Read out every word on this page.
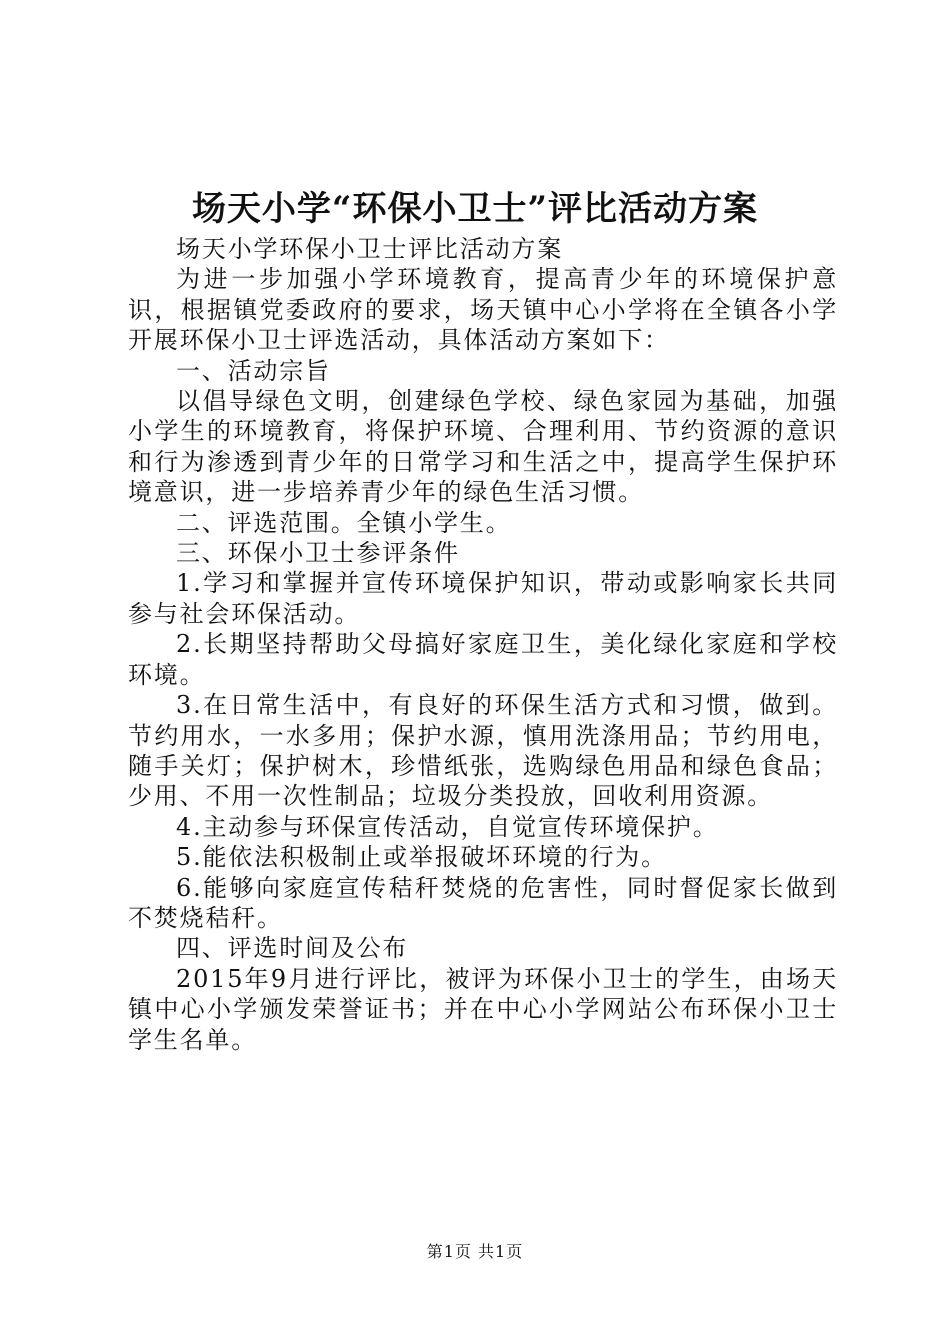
场天小学“环保小卫士”评比活动方案

场天小学环保小卫士评比活动方案

为进一步加强小学环境教育，提高青少年的环境保护意识，根据镇党委政府的要求，场天镇中心小学将在全镇各小学开展环保小卫士评选活动，具体活动方案如下：

一、活动宗旨

以倡导绿色文明，创建绿色学校、绿色家园为基础，加强小学生的环境教育，将保护环境、合理利用、节约资源的意识和行为渗透到青少年的日常学习和生活之中，提高学生保护环境意识，进一步培养青少年的绿色生活习惯。

二、评选范围。全镇小学生。

三、环保小卫士参评条件

1.学习和掌握并宣传环境保护知识，带动或影响家长共同参与社会环保活动。

2.长期坚持帮助父母搞好家庭卫生，美化绿化家庭和学校环境。

3.在日常生活中，有良好的环保生活方式和习惯，做到。节约用水，一水多用；保护水源，慎用洗涤用品；节约用电，随手关灯；保护树木，珍惜纸张，选购绿色用品和绿色食品；少用、不用一次性制品；垃圾分类投放，回收利用资源。

4.主动参与环保宣传活动，自觉宣传环境保护。

5.能依法积极制止或举报破坏环境的行为。

6.能够向家庭宣传秸秆焚烧的危害性，同时督促家长做到不焚烧秸秆。

四、评选时间及公布

2015年9月进行评比，被评为环保小卫士的学生，由场天镇中心小学颁发荣誉证书；并在中心小学网站公布环保小卫士学生名单。

第1页 共1页
